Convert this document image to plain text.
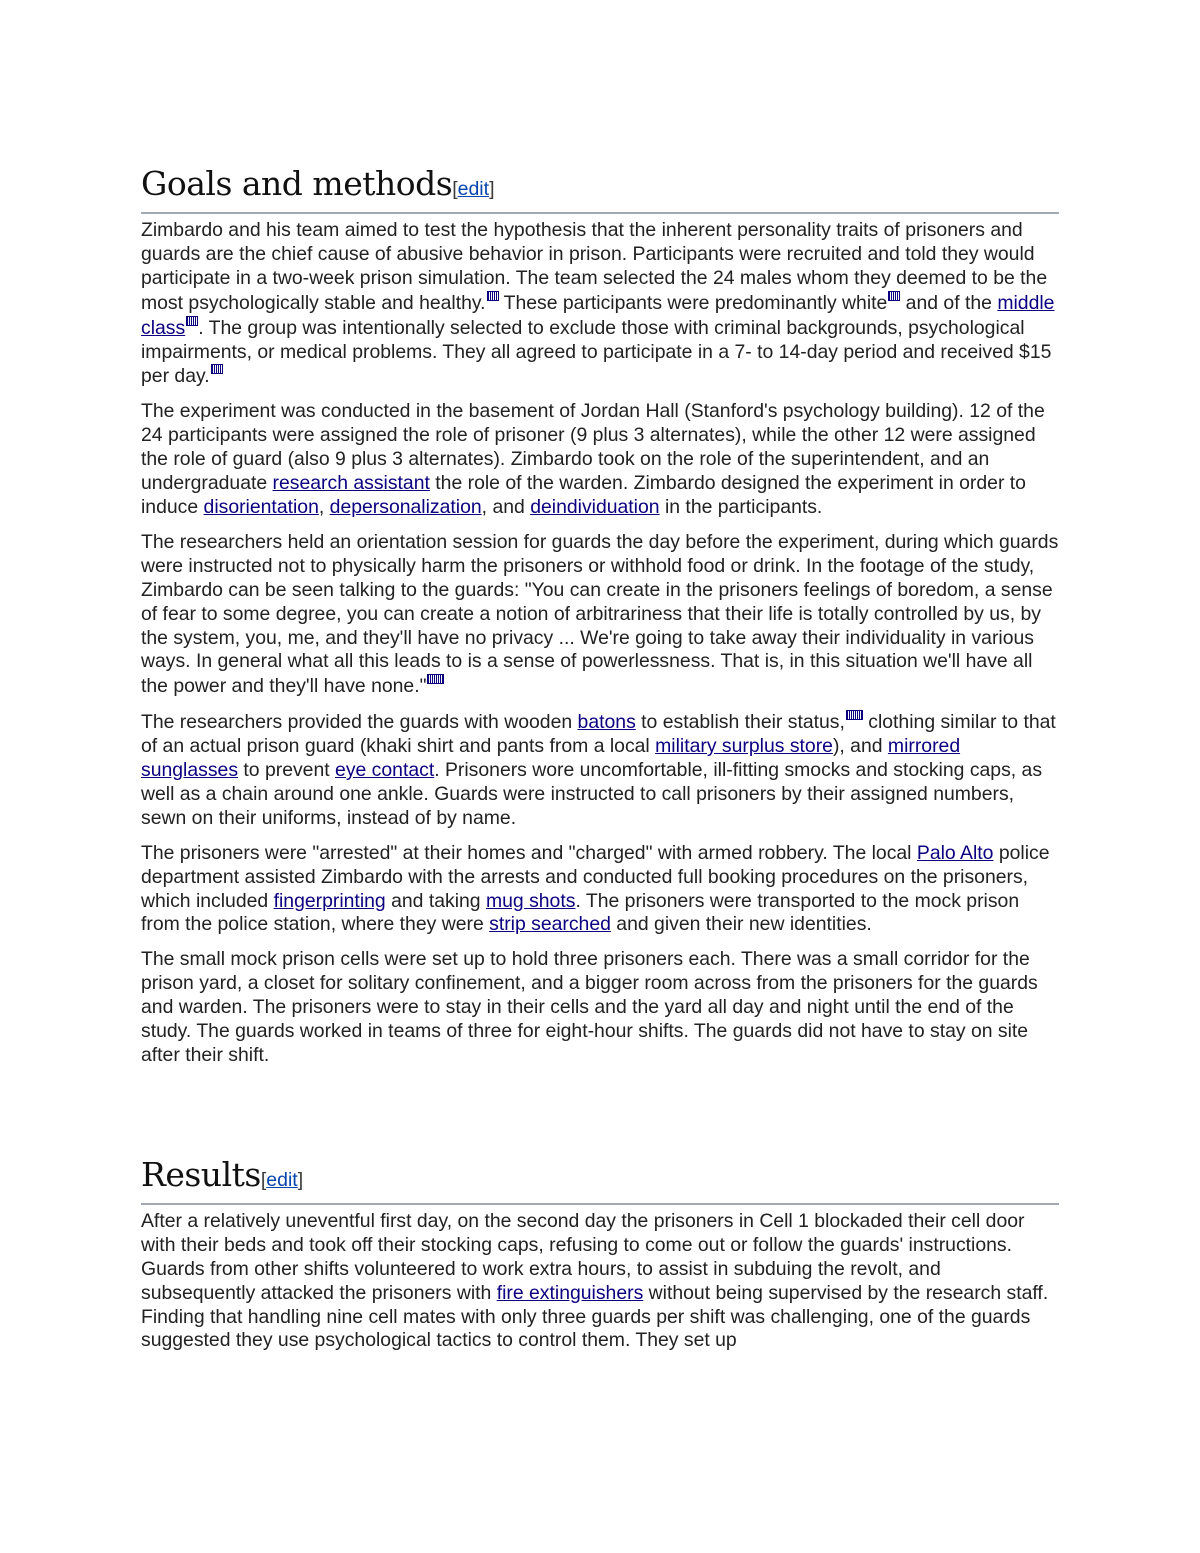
Goals and methods[edit]

Zimbardo and his team aimed to test the hypothesis that the inherent personality traits of prisoners and guards are the chief cause of abusive behavior in prison. Participants were recruited and told they would participate in a two-week prison simulation. The team selected the 24 males whom they deemed to be the most psychologically stable and healthy. These participants were predominantly white and of the middle class . The group was intentionally selected to exclude those with criminal backgrounds, psychological impairments, or medical problems. They all agreed to participate in a 7- to 14-day period and received $15 per day.

The experiment was conducted in the basement of Jordan Hall (Stanford's psychology building). 12 of the 24 participants were assigned the role of prisoner (9 plus 3 alternates), while the other 12 were assigned the role of guard (also 9 plus 3 alternates). Zimbardo took on the role of the superintendent, and an undergraduate research assistant the role of the warden. Zimbardo designed the experiment in order to induce disorientation, depersonalization, and deindividuation in the participants.

The researchers held an orientation session for guards the day before the experiment, during which guards were instructed not to physically harm the prisoners or withhold food or drink. In the footage of the study, Zimbardo can be seen talking to the guards: "You can create in the prisoners feelings of boredom, a sense of fear to some degree, you can create a notion of arbitrariness that their life is totally controlled by us, by the system, you, me, and they'll have no privacy ... We're going to take away their individuality in various ways. In general what all this leads to is a sense of powerlessness. That is, in this situation we'll have all the power and they'll have none."

The researchers provided the guards with wooden batons to establish their status, clothing similar to that of an actual prison guard (khaki shirt and pants from a local military surplus store), and mirrored sunglasses to prevent eye contact. Prisoners wore uncomfortable, ill-fitting smocks and stocking caps, as well as a chain around one ankle. Guards were instructed to call prisoners by their assigned numbers, sewn on their uniforms, instead of by name.

The prisoners were "arrested" at their homes and "charged" with armed robbery. The local Palo Alto police department assisted Zimbardo with the arrests and conducted full booking procedures on the prisoners, which included fingerprinting and taking mug shots. The prisoners were transported to the mock prison from the police station, where they were strip searched and given their new identities.

The small mock prison cells were set up to hold three prisoners each. There was a small corridor for the prison yard, a closet for solitary confinement, and a bigger room across from the prisoners for the guards and warden. The prisoners were to stay in their cells and the yard all day and night until the end of the study. The guards worked in teams of three for eight-hour shifts. The guards did not have to stay on site after their shift.

Results[edit]

After a relatively uneventful first day, on the second day the prisoners in Cell 1 blockaded their cell door with their beds and took off their stocking caps, refusing to come out or follow the guards' instructions. Guards from other shifts volunteered to work extra hours, to assist in subduing the revolt, and subsequently attacked the prisoners with fire extinguishers without being supervised by the research staff. Finding that handling nine cell mates with only three guards per shift was challenging, one of the guards suggested they use psychological tactics to control them. They set up
